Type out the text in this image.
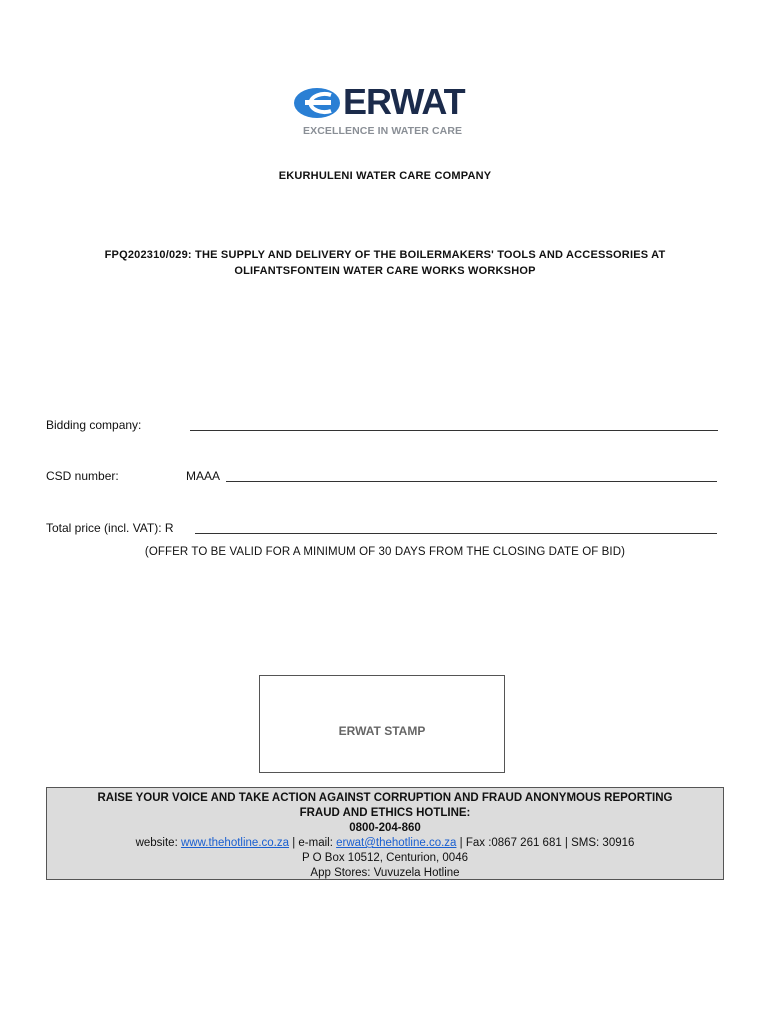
ERWAT
EXCELLENCE IN WATER CARE
EKURHULENI WATER CARE COMPANY
FPQ202310/029: THE SUPPLY AND DELIVERY OF THE BOILERMAKERS' TOOLS AND ACCESSORIES AT
OLIFANTSFONTEIN WATER CARE WORKS WORKSHOP
Bidding company:
CSD number:	MAAA
Total price (incl. VAT): R
(OFFER TO BE VALID FOR A MINIMUM OF 30 DAYS FROM THE CLOSING DATE OF BID)
ERWAT STAMP
RAISE YOUR VOICE AND TAKE ACTION AGAINST CORRUPTION AND FRAUD ANONYMOUS REPORTING
FRAUD AND ETHICS HOTLINE:
0800-204-860
website: www.thehotline.co.za | e-mail: erwat@thehotline.co.za | Fax :0867 261 681 | SMS: 30916
P O Box 10512, Centurion, 0046
App Stores: Vuvuzela Hotline
